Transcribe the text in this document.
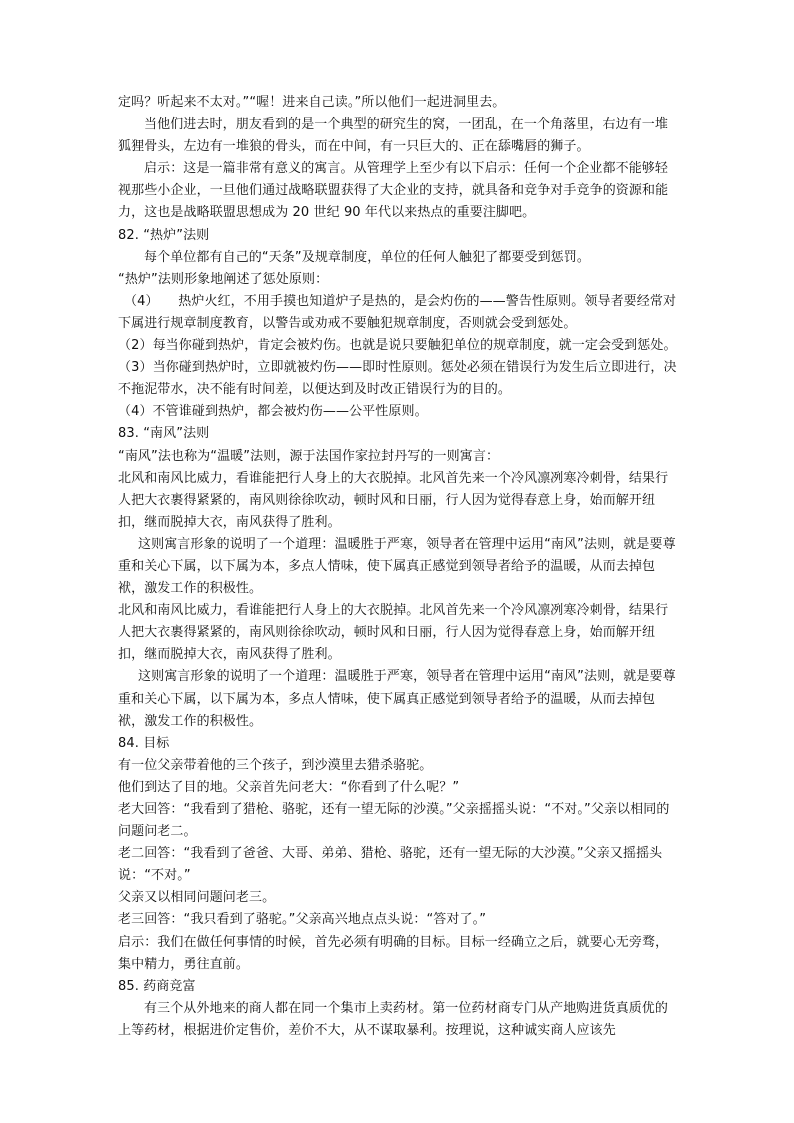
定吗？听起来不太对。”“喔！进来自己读。”所以他们一起进洞里去。

当他们进去时，朋友看到的是一个典型的研究生的窝，一团乱，在一个角落里，右边有一堆狐狸骨头，左边有一堆狼的骨头，而在中间，有一只巨大的、正在舔嘴唇的狮子。

启示：这是一篇非常有意义的寓言。从管理学上至少有以下启示：任何一个企业都不能够轻视那些小企业，一旦他们通过战略联盟获得了大企业的支持，就具备和竞争对手竞争的资源和能力，这也是战略联盟思想成为 20 世纪 90 年代以来热点的重要注脚吧。

82. “热炉”法则

每个单位都有自己的“天条”及规章制度，单位的任何人触犯了都要受到惩罚。

“热炉”法则形象地阐述了惩处原则：

（4）　　热炉火红，不用手摸也知道炉子是热的，是会灼伤的——警告性原则。领导者要经常对下属进行规章制度教育，以警告或劝戒不要触犯规章制度，否则就会受到惩处。

（2）每当你碰到热炉，肯定会被灼伤。也就是说只要触犯单位的规章制度，就一定会受到惩处。

（3）当你碰到热炉时，立即就被灼伤——即时性原则。惩处必须在错误行为发生后立即进行，决不拖泥带水，决不能有时间差，以便达到及时改正错误行为的目的。

（4）不管谁碰到热炉，都会被灼伤——公平性原则。

83. “南风”法则

“南风”法也称为“温暖”法则，源于法国作家拉封丹写的一则寓言：

北风和南风比威力，看谁能把行人身上的大衣脱掉。北风首先来一个冷风凛冽寒冷刺骨，结果行人把大衣裹得紧紧的，南风则徐徐吹动，顿时风和日丽，行人因为觉得春意上身，始而解开纽扣，继而脱掉大衣，南风获得了胜利。

这则寓言形象的说明了一个道理：温暖胜于严寒，领导者在管理中运用“南风”法则，就是要尊重和关心下属，以下属为本，多点人情味，使下属真正感觉到领导者给予的温暖，从而去掉包袱，激发工作的积极性。

北风和南风比威力，看谁能把行人身上的大衣脱掉。北风首先来一个冷风凛冽寒冷刺骨，结果行人把大衣裹得紧紧的，南风则徐徐吹动，顿时风和日丽，行人因为觉得春意上身，始而解开纽扣，继而脱掉大衣，南风获得了胜利。

这则寓言形象的说明了一个道理：温暖胜于严寒，领导者在管理中运用“南风”法则，就是要尊重和关心下属，以下属为本，多点人情味，使下属真正感觉到领导者给予的温暖，从而去掉包袱，激发工作的积极性。

84. 目标

有一位父亲带着他的三个孩子，到沙漠里去猎杀骆驼。

他们到达了目的地。父亲首先问老大：“你看到了什么呢？”

老大回答：“我看到了猎枪、骆驼，还有一望无际的沙漠。”父亲摇摇头说：“不对。”父亲以相同的问题问老二。

老二回答：“我看到了爸爸、大哥、弟弟、猎枪、骆驼，还有一望无际的大沙漠。”父亲又摇摇头说：“不对。”

父亲又以相同问题问老三。

老三回答：“我只看到了骆驼。”父亲高兴地点点头说：“答对了。”

启示：我们在做任何事情的时候，首先必须有明确的目标。目标一经确立之后，就要心无旁骛，集中精力，勇往直前。

85. 药商竞富

有三个从外地来的商人都在同一个集市上卖药材。第一位药材商专门从产地购进货真质优的上等药材，根据进价定售价，差价不大，从不谋取暴利。按理说，这种诚实商人应该先
